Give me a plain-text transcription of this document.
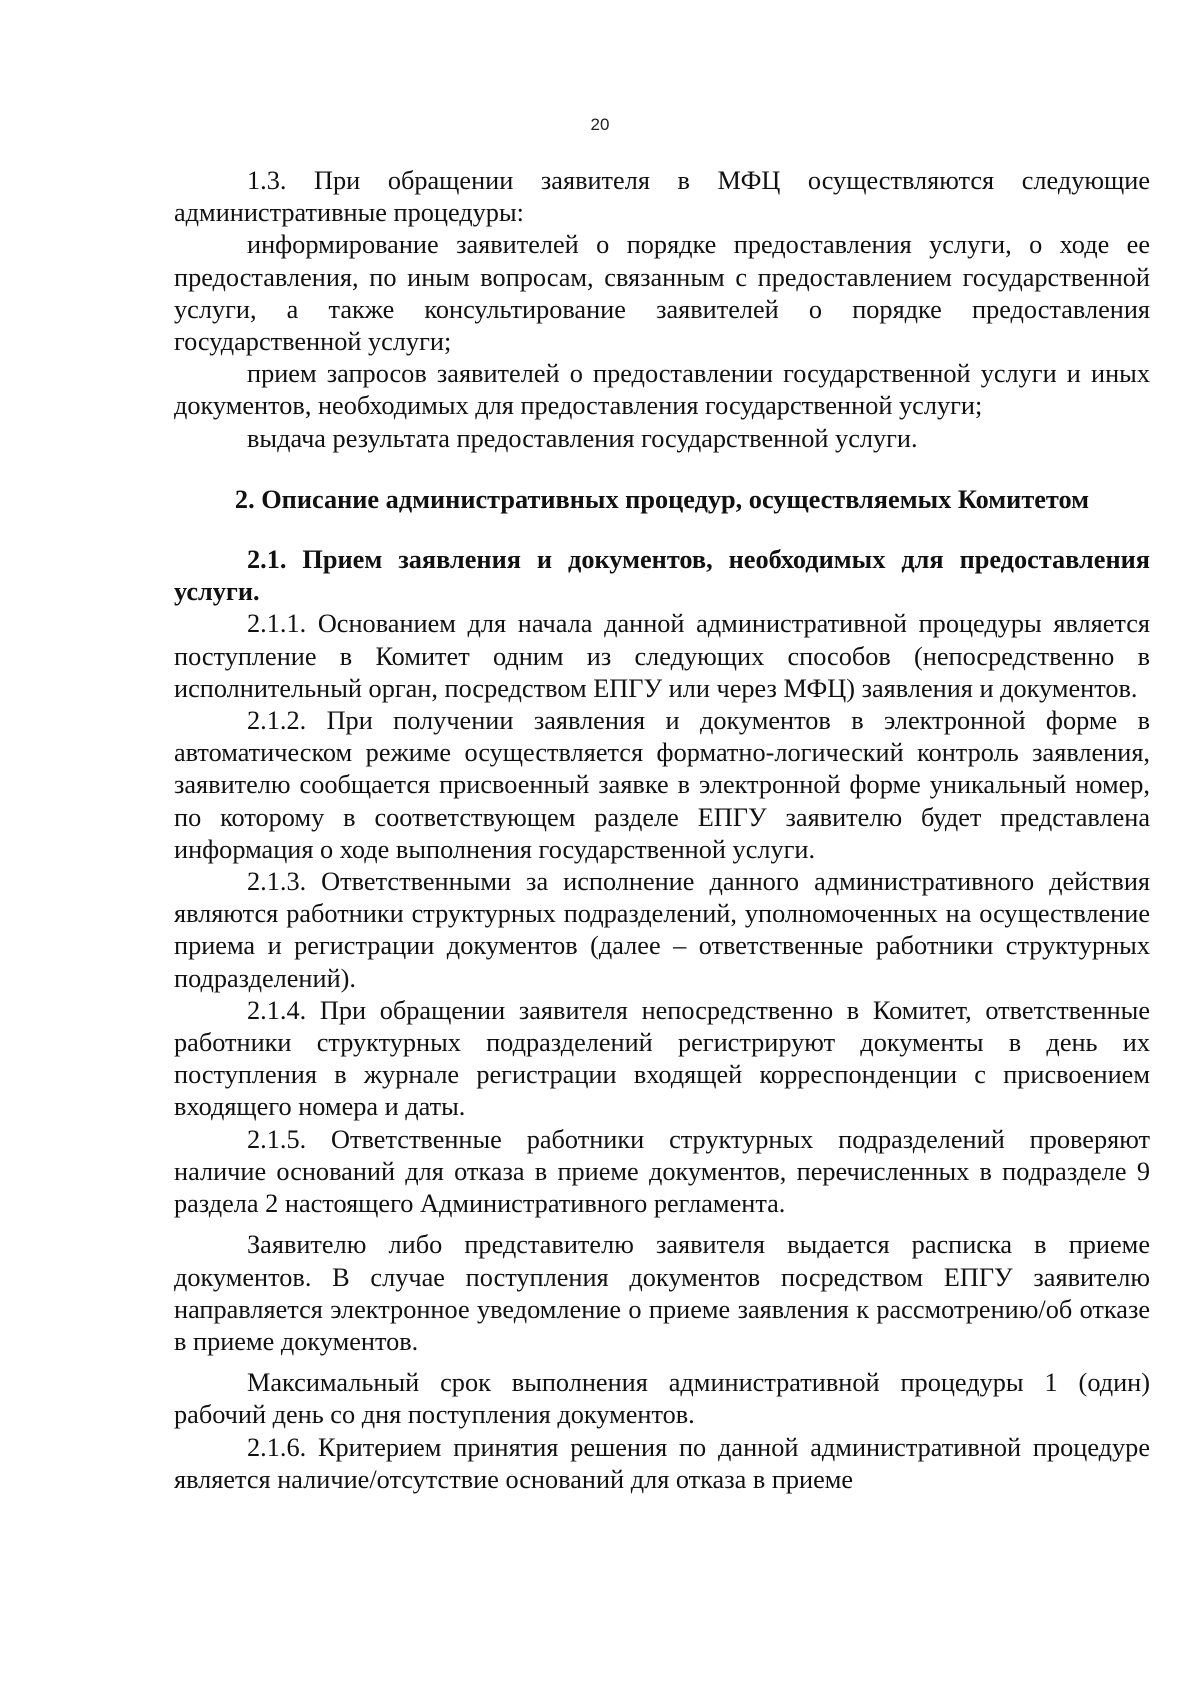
20

1.3. При обращении заявителя в МФЦ осуществляются следующие административные процедуры:

информирование заявителей о порядке предоставления услуги, о ходе ее предоставления, по иным вопросам, связанным с предоставлением государственной услуги, а также консультирование заявителей о порядке предоставления государственной услуги;

прием запросов заявителей о предоставлении государственной услуги и иных документов, необходимых для предоставления государственной услуги;

выдача результата предоставления государственной услуги.

2. Описание административных процедур, осуществляемых Комитетом

2.1. Прием заявления и документов, необходимых для предоставления услуги.

2.1.1. Основанием для начала данной административной процедуры является поступление в Комитет одним из следующих способов (непосредственно в исполнительный орган, посредством ЕПГУ или через МФЦ) заявления и документов.

2.1.2. При получении заявления и документов в электронной форме в автоматическом режиме осуществляется форматно-логический контроль заявления, заявителю сообщается присвоенный заявке в электронной форме уникальный номер, по которому в соответствующем разделе ЕПГУ заявителю будет представлена информация о ходе выполнения государственной услуги.

2.1.3. Ответственными за исполнение данного административного действия являются работники структурных подразделений, уполномоченных на осуществление приема и регистрации документов (далее – ответственные работники структурных подразделений).

2.1.4. При обращении заявителя непосредственно в Комитет, ответственные работники структурных подразделений регистрируют документы в день их поступления в журнале регистрации входящей корреспонденции с присвоением входящего номера и даты.

2.1.5. Ответственные работники структурных подразделений проверяют наличие оснований для отказа в приеме документов, перечисленных в подразделе 9 раздела 2 настоящего Административного регламента.

Заявителю либо представителю заявителя выдается расписка в приеме документов. В случае поступления документов посредством ЕПГУ заявителю направляется электронное уведомление о приеме заявления к рассмотрению/об отказе в приеме документов.

Максимальный срок выполнения административной процедуры 1 (один) рабочий день со дня поступления документов.

2.1.6. Критерием принятия решения по данной административной процедуре является наличие/отсутствие оснований для отказа в приеме
